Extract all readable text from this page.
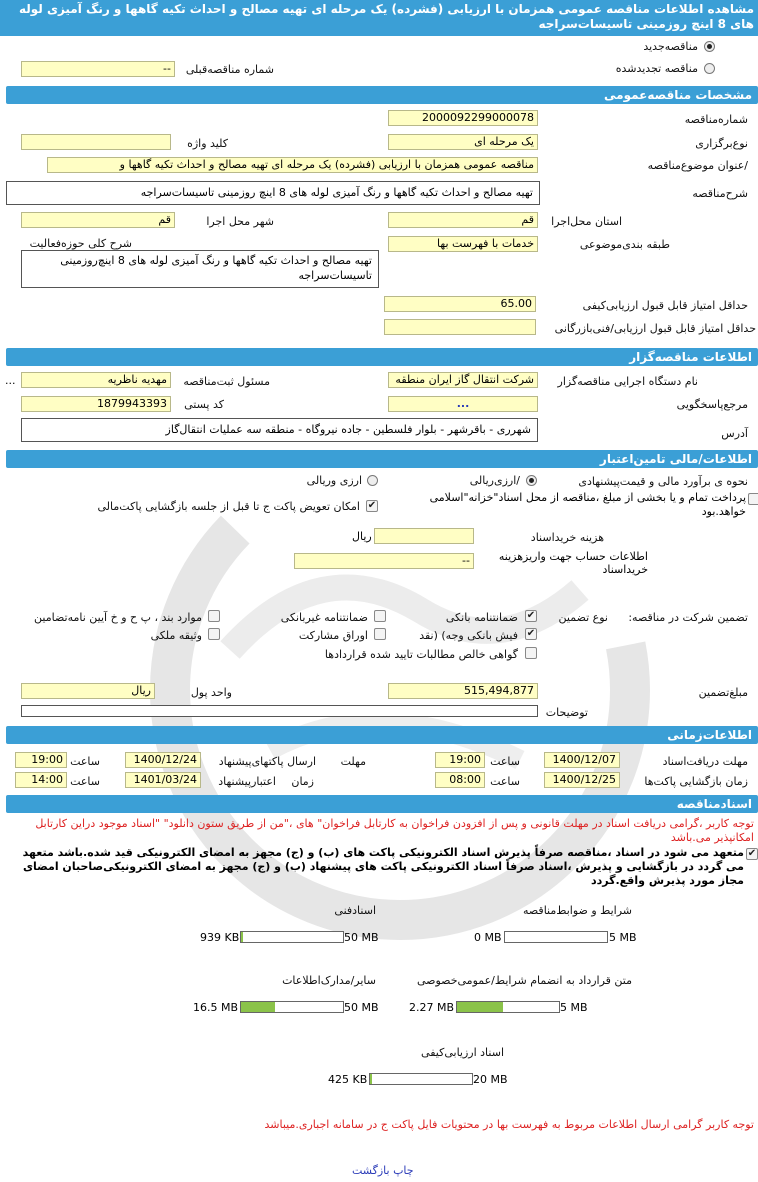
مشاهده اطلاعات مناقصه عمومی همزمان با ارزیابی (فشرده) یک مرحله ای تهیه مصالح و احداث تکیه گاهها و رنگ آمیزی لوله های 8 اینچ روزمینی تاسیسات‌سراجه
مناقصه‌جدید
مناقصه تجدیدشده
شماره مناقصه‌قبلی
--
مشخصات مناقصه‌عمومی
شماره‌مناقصه
2000092299000078
نوع‌برگزاری
یک مرحله ای
کلید واژه
/عنوان موضوع‌مناقصه
مناقصه عمومی همزمان با ارزیابی (فشرده) یک مرحله ای تهیه مصالح و احداث تکیه گاهها و
شرح‌مناقصه
تهیه مصالح و احداث تکیه گاهها و رنگ آمیزی لوله های 8 اینچ روزمینی تاسیسات‌سراجه
استان محل‌اجرا
قم
شهر محل اجرا
قم
طبقه بندی‌موضوعی
خدمات با فهرست بها
شرح کلی حوزه‌فعالیت
تهیه مصالح و احداث تکیه گاهها و رنگ آمیزی لوله های 8 اینچ‌روزمینی تاسیسات‌سراجه
حداقل امتیاز قابل قبول ارزیابی‌کیفی
65.00
حداقل امتیاز قابل قبول ارزیابی/فنی‌بازرگانی
اطلاعات مناقصه‌گزار
نام دستگاه اجرایی مناقصه‌گزار
شرکت انتقال گاز ایران منطقه
مسئول ثبت‌مناقصه
مهدیه ناظریه
...
مرجع‌پاسخگویی
...
کد پستی
1879943393
آدرس
شهرری - باقرشهر - بلوار فلسطین - جاده نیروگاه - منطقه سه عملیات انتقال‌گاز
اطلاعات/مالی تامین‌اعتبار
نحوه ی برآورد مالی و قیمت‌پیشنهادی
/ارزی‌ریالی
ارزی وریالی
پرداخت تمام و یا بخشی از مبلغ ،مناقصه از محل اسناد"خزانه"اسلامی خواهد.بود
✔
امکان تعویض پاکت ج تا قبل از جلسه بازگشایی پاکت‌مالی
هزینه خریداسناد
ریال
اطلاعات حساب جهت واریزهزینه خریداسناد
--
تضمین شرکت در مناقصه:
نوع تضمین
✔
ضمانتنامه بانکی
ضمانتنامه غیربانکی
موارد بند ، پ ح و خ آیین نامه‌تضامین
✔
فیش بانکی وجه) (نقد
اوراق مشارکت
وثیقه ملکی
گواهی خالص مطالبات تایید شده قراردادها
مبلغ‌تضمین
515,494,877
واحد پول
ریال
توضیحات
اطلاعات‌زمانی
مهلت دریافت‌اسناد
1400/12/07
ساعت
19:00
مهلت
ارسال پاکتهای‌پیشنهاد
1400/12/24
ساعت
19:00
زمان بازگشایی پاکت‌ها
1400/12/25
ساعت
08:00
زمان
اعتبارپیشنهاد
1401/03/24
ساعت
14:00
اسنادمناقصه
توجه کاربر ،گرامی دریافت اسناد در مهلت قانونی و پس از افزودن فراخوان به کارتابل فراخوان" های ،"من از طریق ستون دانلود" "اسناد موجود دراین کارتابل امکانپذیر می.باشد
✔
متعهد می شود در اسناد ،مناقصه صرفاً پذیرش اسناد الکترونیکی پاکت های (ب) و (ج) مجهز به امضای الکترونیکی قید شده.باشد متعهد می گردد در بازگشایی و پذیرش ،اسناد صرفاً اسناد الکترونیکی پاکت های پیشنهاد (ب) و (ج) مجهز به امضای الکترونیکی‌صاحبان امضای مجاز مورد پذیرش واقع.گردد
شرایط و ضوابط‌مناقصه
5 MB
0 MB
اسنادفنی
50 MB
939 KB
متن قرارداد به انضمام شرایط/عمومی‌خصوصی
5 MB
2.27 MB
سایر/مدارک‌اطلاعات
50 MB
16.5 MB
اسناد ارزیابی‌کیفی
20 MB
425 KB
توجه کاربر گرامی ارسال اطلاعات مربوط به فهرست بها در محتویات فایل پاکت ج در سامانه اجباری.میباشد
چاپ بازگشت
